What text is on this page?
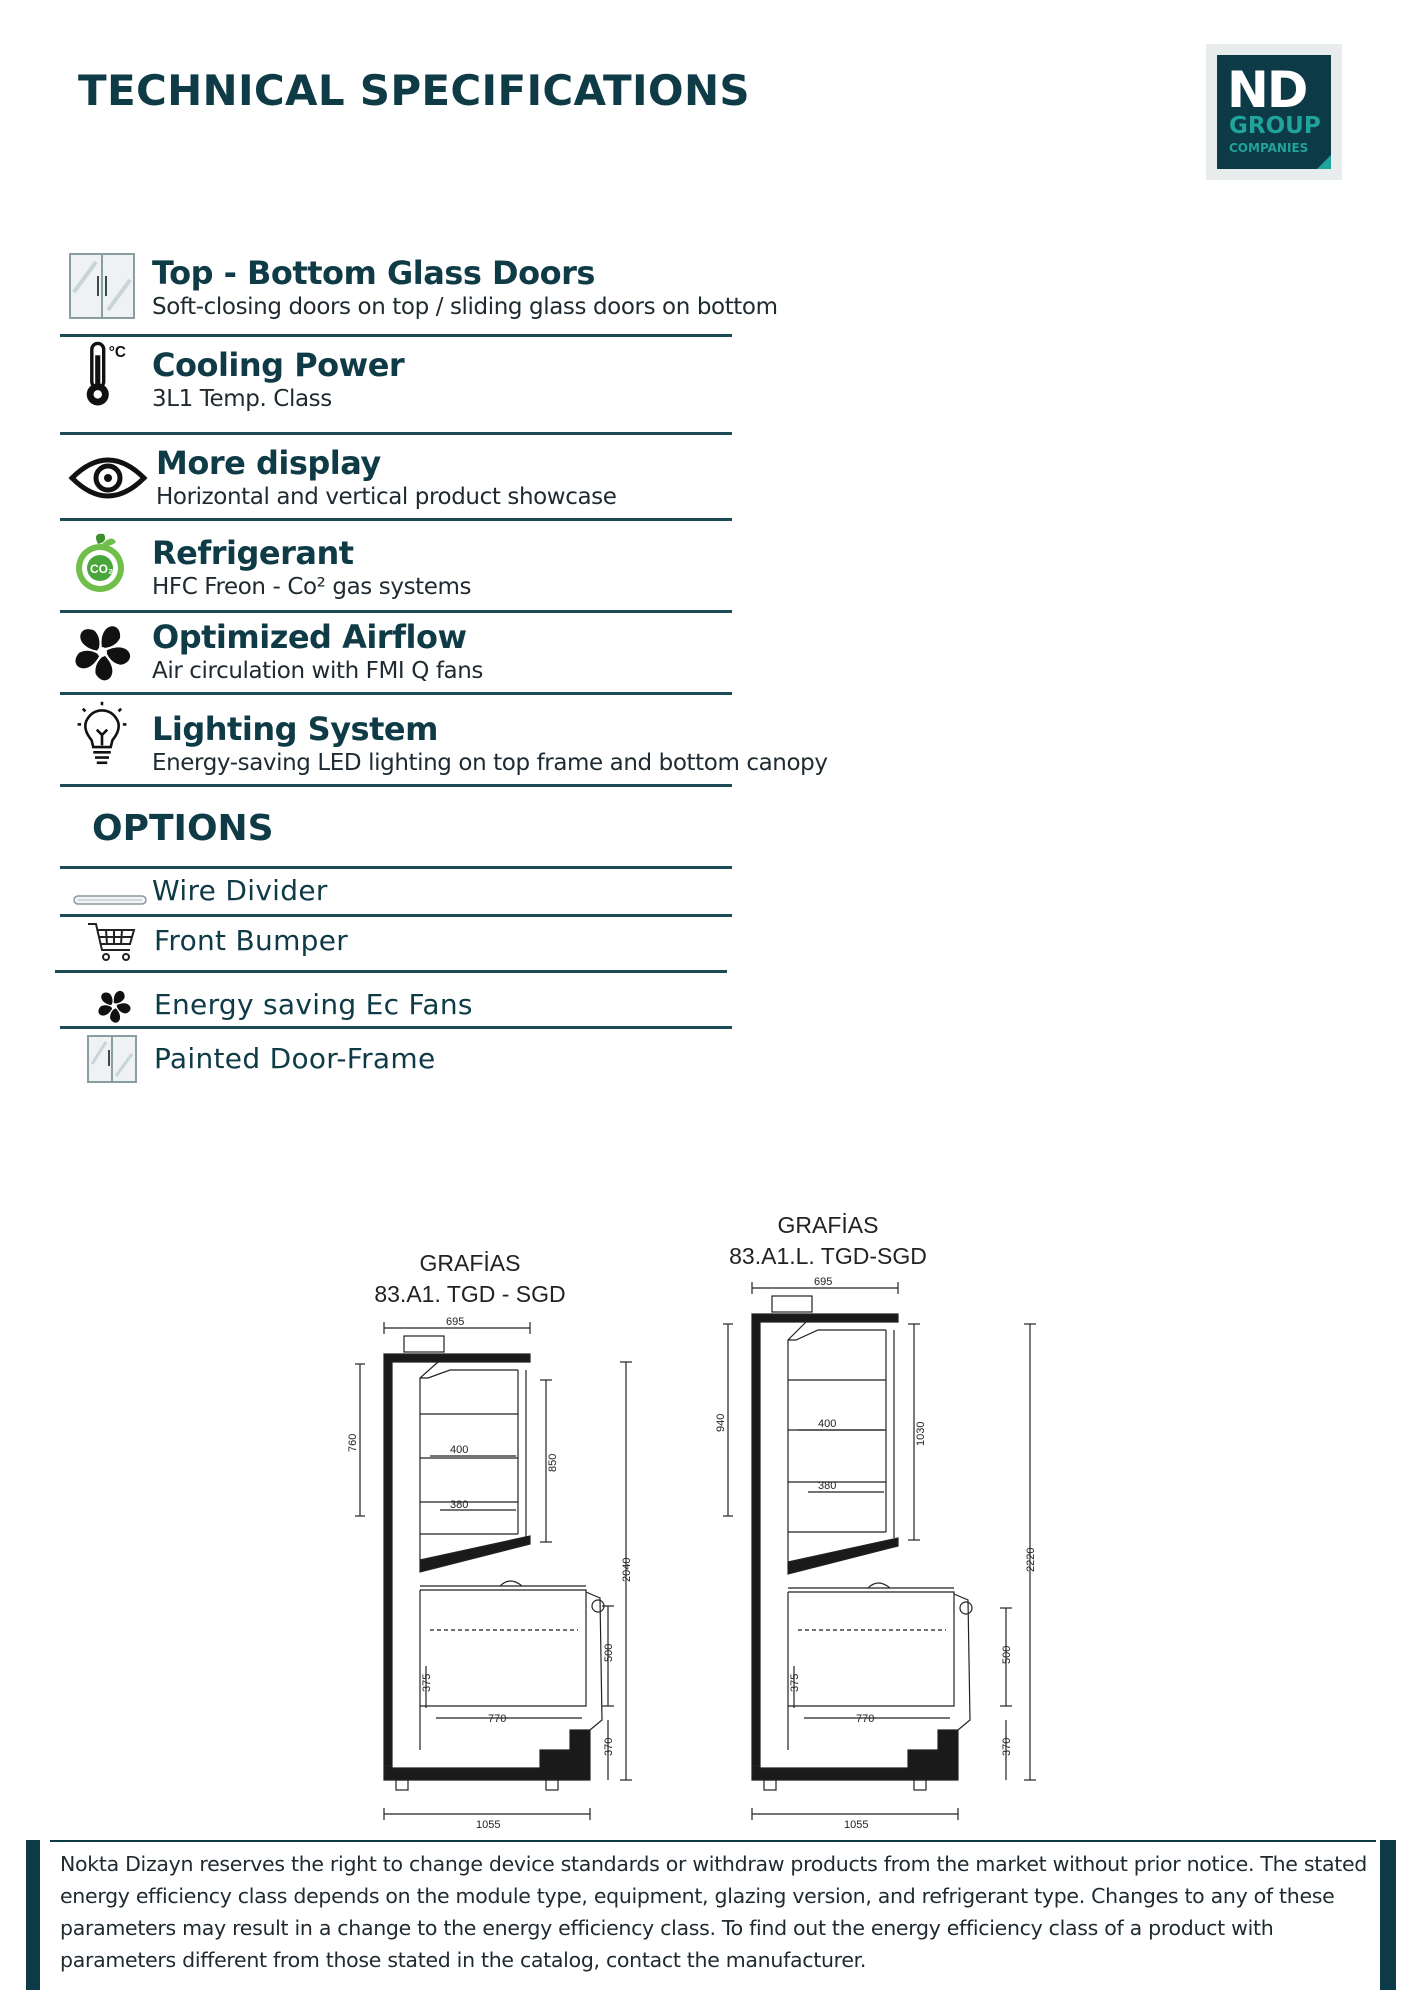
TECHNICAL SPECIFICATIONS	ND
GROUP
COMPANIES
Top - Bottom Glass Doors
Soft-closing doors on top / sliding glass doors on bottom
°C Cooling Power
3L1 Temp. Class
More display
Horizontal and vertical product showcase
CO₂ Refrigerant
HFC Freon - Co² gas systems
Optimized Airflow
Air circulation with FMI Q fans
Lighting System
Energy-saving LED lighting on top frame and bottom canopy
OPTIONS
Wire Divider
Front Bumper
Energy saving Ec Fans
Painted Door-Frame
GRAFİAS
83.A1. TGD - SGD
695
760
850
400
380
2040
375
770
500
370
1055
GRAFİAS
83.A1.L. TGD-SGD
695
940	1030
400
380
2220
375
770
500
370
1055
Nokta Dizayn reserves the right to change device standards or withdraw products from the market without prior notice. The stated energy efficiency class depends on the module type, equipment, glazing version, and refrigerant type. Changes to any of these parameters may result in a change to the energy efficiency class. To find out the energy efficiency class of a product with parameters different from those stated in the catalog, contact the manufacturer.
